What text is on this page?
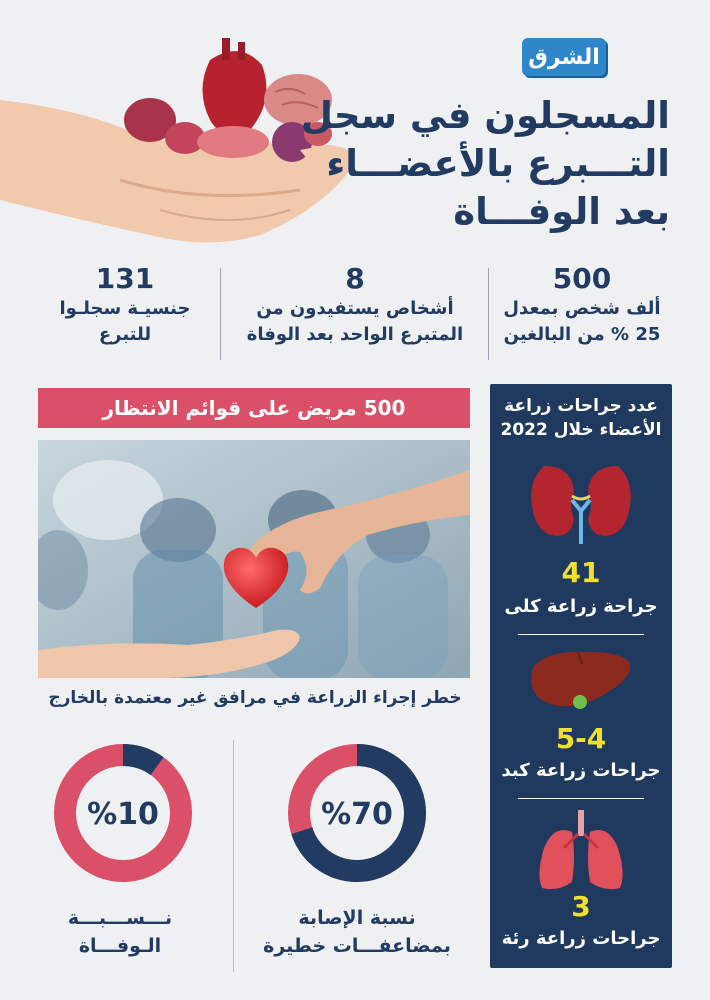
الشرق
المسجلون في سجل
التـــبرع بالأعضـــاء
بعد الوفـــاة
500
ألف شخص بمعدل
25 % من البالغين
8
أشخاص يستفيدون من
المتبرع الواحد بعد الوفاة
131
جنسيـة سجلـوا
للتبرع
500 مريض على قوائم الانتظار
خطر إجراء الزراعة في مرافق غير معتمدة بالخارج
%70
نسبة الإصابة
بمضاعفـــات خطيرة
%10
نـــســـبـــة
الـوفـــاة
عدد جراحات زراعة
الأعضاء خلال 2022
41
جراحة زراعة كلى
5-4
جراحات زراعة كبد
3
جراحات زراعة رئة
